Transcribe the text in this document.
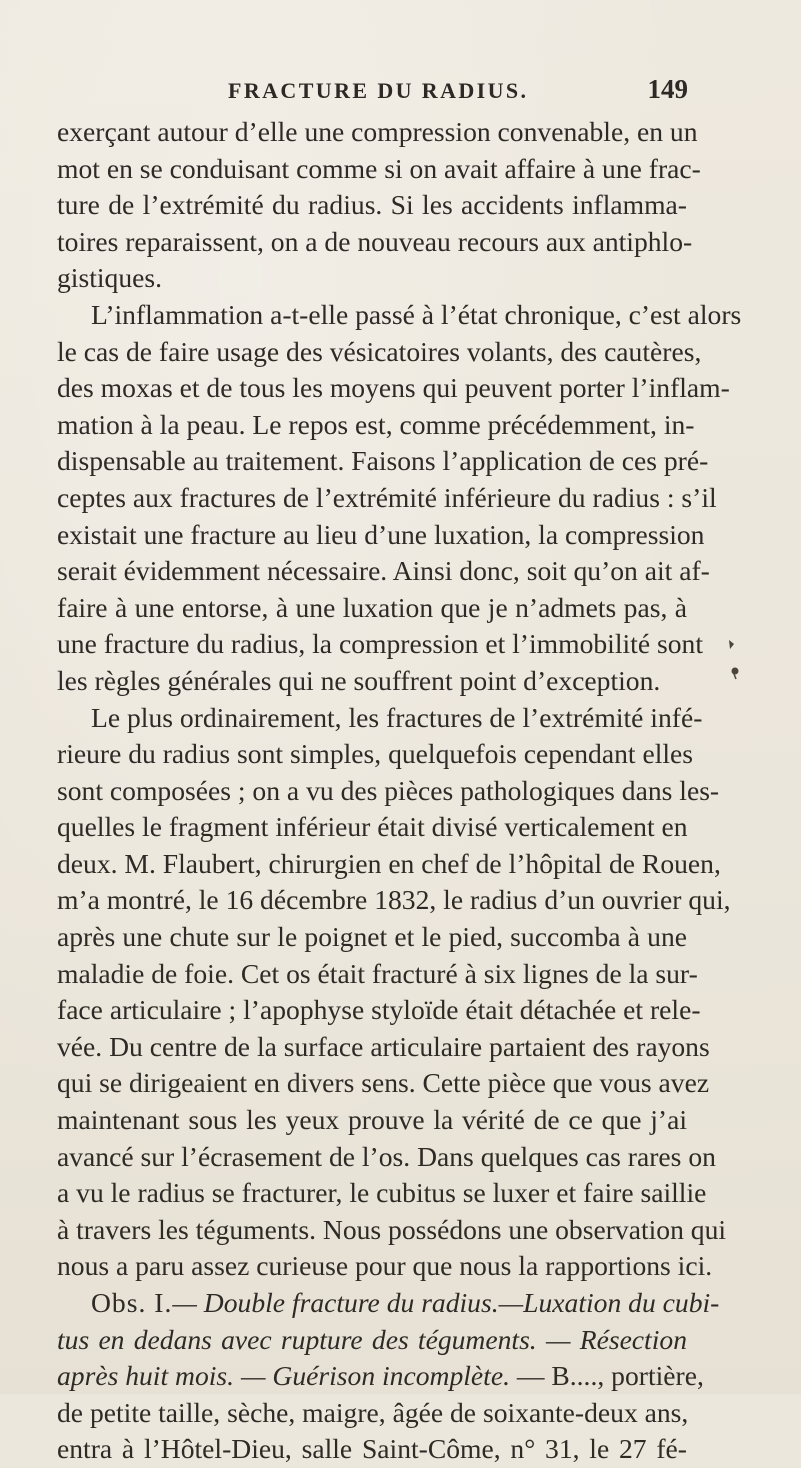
FRACTURE DU RADIUS.	149
exerçant autour d’elle une compression convenable, en un
mot en se conduisant comme si on avait affaire à une frac-
ture de l’extrémité du radius. Si les accidents inflamma-
toires reparaissent, on a de nouveau recours aux antiphlo-
gistiques.
L’inflammation a-t-elle passé à l’état chronique, c’est alors
le cas de faire usage des vésicatoires volants, des cautères,
des moxas et de tous les moyens qui peuvent porter l’inflam-
mation à la peau. Le repos est, comme précédemment, in-
dispensable au traitement. Faisons l’application de ces pré-
ceptes aux fractures de l’extrémité inférieure du radius : s’il
existait une fracture au lieu d’une luxation, la compression
serait évidemment nécessaire. Ainsi donc, soit qu’on ait af-
faire à une entorse, à une luxation que je n’admets pas, à
une fracture du radius, la compression et l’immobilité sont
les règles générales qui ne souffrent point d’exception.
Le plus ordinairement, les fractures de l’extrémité infé-
rieure du radius sont simples, quelquefois cependant elles
sont composées ; on a vu des pièces pathologiques dans les-
quelles le fragment inférieur était divisé verticalement en
deux. M. Flaubert, chirurgien en chef de l’hôpital de Rouen,
m’a montré, le 16 décembre 1832, le radius d’un ouvrier qui,
après une chute sur le poignet et le pied, succomba à une
maladie de foie. Cet os était fracturé à six lignes de la sur-
face articulaire ; l’apophyse styloïde était détachée et rele-
vée. Du centre de la surface articulaire partaient des rayons
qui se dirigeaient en divers sens. Cette pièce que vous avez
maintenant sous les yeux prouve la vérité de ce que j’ai
avancé sur l’écrasement de l’os. Dans quelques cas rares on
a vu le radius se fracturer, le cubitus se luxer et faire saillie
à travers les téguments. Nous possédons une observation qui
nous a paru assez curieuse pour que nous la rapportions ici.
Obs. I.— Double fracture du radius.—Luxation du cubi-
tus en dedans avec rupture des téguments. — Résection
après huit mois. — Guérison incomplète. — B...., portière,
de petite taille, sèche, maigre, âgée de soixante-deux ans,
entra à l’Hôtel-Dieu, salle Saint-Côme, n° 31, le 27 fé-
